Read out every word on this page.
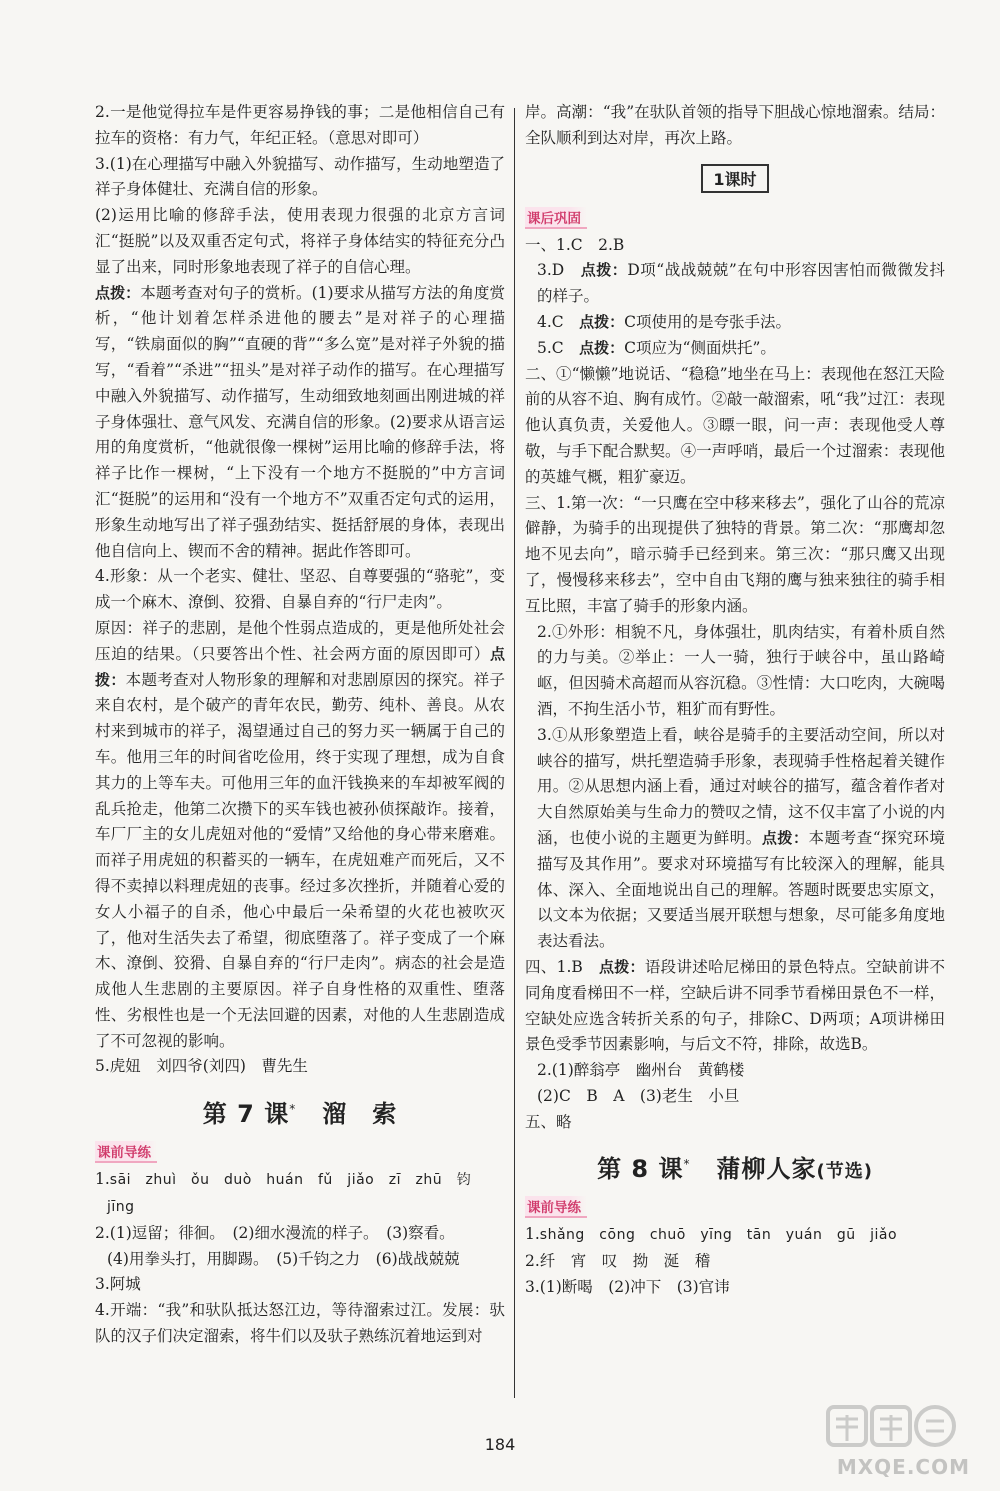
2.一是他觉得拉车是件更容易挣钱的事；二是他相信自己有拉车的资格：有力气，年纪正轻。（意思对即可）

3.(1)在心理描写中融入外貌描写、动作描写，生动地塑造了祥子身体健壮、充满自信的形象。

(2)运用比喻的修辞手法，使用表现力很强的北京方言词汇“挺脱”以及双重否定句式，将祥子身体结实的特征充分凸显了出来，同时形象地表现了祥子的自信心理。

点拨：本题考查对句子的赏析。(1)要求从描写方法的角度赏析，“他计划着怎样杀进他的腰去”是对祥子的心理描写，“铁扇面似的胸”“直硬的背”“多么宽”是对祥子外貌的描写，“看着”“杀进”“扭头”是对祥子动作的描写。在心理描写中融入外貌描写、动作描写，生动细致地刻画出刚进城的祥子身体强壮、意气风发、充满自信的形象。(2)要求从语言运用的角度赏析，“他就很像一棵树”运用比喻的修辞手法，将祥子比作一棵树，“上下没有一个地方不挺脱的”中方言词汇“挺脱”的运用和“没有一个地方不”双重否定句式的运用，形象生动地写出了祥子强劲结实、挺括舒展的身体，表现出他自信向上、锲而不舍的精神。据此作答即可。

4.形象：从一个老实、健壮、坚忍、自尊要强的“骆驼”，变成一个麻木、潦倒、狡猾、自暴自弃的“行尸走肉”。

原因：祥子的悲剧，是他个性弱点造成的，更是他所处社会压迫的结果。（只要答出个性、社会两方面的原因即可）点拨：本题考查对人物形象的理解和对悲剧原因的探究。祥子来自农村，是个破产的青年农民，勤劳、纯朴、善良。从农村来到城市的祥子，渴望通过自己的努力买一辆属于自己的车。他用三年的时间省吃俭用，终于实现了理想，成为自食其力的上等车夫。可他用三年的血汗钱换来的车却被军阀的乱兵抢走，他第二次攒下的买车钱也被孙侦探敲诈。接着，车厂厂主的女儿虎妞对他的“爱情”又给他的身心带来磨难。而祥子用虎妞的积蓄买的一辆车，在虎妞难产而死后，又不得不卖掉以料理虎妞的丧事。经过多次挫折，并随着心爱的女人小福子的自杀，他心中最后一朵希望的火花也被吹灭了，他对生活失去了希望，彻底堕落了。祥子变成了一个麻木、潦倒、狡猾、自暴自弃的“行尸走肉”。病态的社会是造成他人生悲剧的主要原因。祥子自身性格的双重性、堕落性、劣根性也是一个无法回避的因素，对他的人生悲剧造成了不可忽视的影响。

5.虎妞　刘四爷(刘四)　曹先生

第 7 课* 溜　索
课前导练

1.sāi　zhuì　ǒu　duò　huán　fǔ　jiǎo　zī　zhū　钧

jīng

2.(1)逗留；徘徊。　(2)细水漫流的样子。　(3)察看。

(4)用拳头打，用脚踢。　(5)千钧之力　(6)战战兢兢

3.阿城

4.开端：“我”和驮队抵达怒江边，等待溜索过江。发展：驮队的汉子们决定溜索，将牛们以及驮子熟练沉着地运到对

岸。高潮：“我”在驮队首领的指导下胆战心惊地溜索。结局：全队顺利到达对岸，再次上路。

1课时
课后巩固

一、1.C　2.B

3.D　点拨：D项“战战兢兢”在句中形容因害怕而微微发抖的样子。

4.C　点拨：C项使用的是夸张手法。

5.C　点拨：C项应为“侧面烘托”。

二、①“懒懒”地说话、“稳稳”地坐在马上：表现他在怒江天险前的从容不迫、胸有成竹。②敲一敲溜索，吼“我”过江：表现他认真负责，关爱他人。③瞟一眼，问一声：表现他受人尊敬，与手下配合默契。④一声呼哨，最后一个过溜索：表现他的英雄气概，粗犷豪迈。

三、1.第一次：“一只鹰在空中移来移去”，强化了山谷的荒凉僻静，为骑手的出现提供了独特的背景。第二次：“那鹰却忽地不见去向”，暗示骑手已经到来。第三次：“那只鹰又出现了，慢慢移来移去”，空中自由飞翔的鹰与独来独往的骑手相互比照，丰富了骑手的形象内涵。

2.①外形：相貌不凡，身体强壮，肌肉结实，有着朴质自然的力与美。②举止：一人一骑，独行于峡谷中，虽山路崎岖，但因骑术高超而从容沉稳。③性情：大口吃肉，大碗喝酒，不拘生活小节，粗犷而有野性。

3.①从形象塑造上看，峡谷是骑手的主要活动空间，所以对峡谷的描写，烘托塑造骑手形象，表现骑手性格起着关键作用。②从思想内涵上看，通过对峡谷的描写，蕴含着作者对大自然原始美与生命力的赞叹之情，这不仅丰富了小说的内涵，也使小说的主题更为鲜明。点拨：本题考查“探究环境描写及其作用”。要求对环境描写有比较深入的理解，能具体、深入、全面地说出自己的理解。答题时既要忠实原文，以文本为依据；又要适当展开联想与想象，尽可能多角度地表达看法。

四、1.B　点拨：语段讲述哈尼梯田的景色特点。空缺前讲不同角度看梯田不一样，空缺后讲不同季节看梯田景色不一样，空缺处应选含转折关系的句子，排除C、D两项；A项讲梯田景色受季节因素影响，与后文不符，排除，故选B。

2.(1)醉翁亭　幽州台　黄鹤楼

(2)C　B　A　(3)老生　小旦

五、略

第 8 课* 蒲柳人家(节选)
课前导练

1.shǎng　cōng　chuō　yīng　tān　yuán　gū　jiǎo

2.纤　宵　叹　拗　涎　稽

3.(1)断喝　(2)冲下　(3)官讳

184
MXQE.COM
